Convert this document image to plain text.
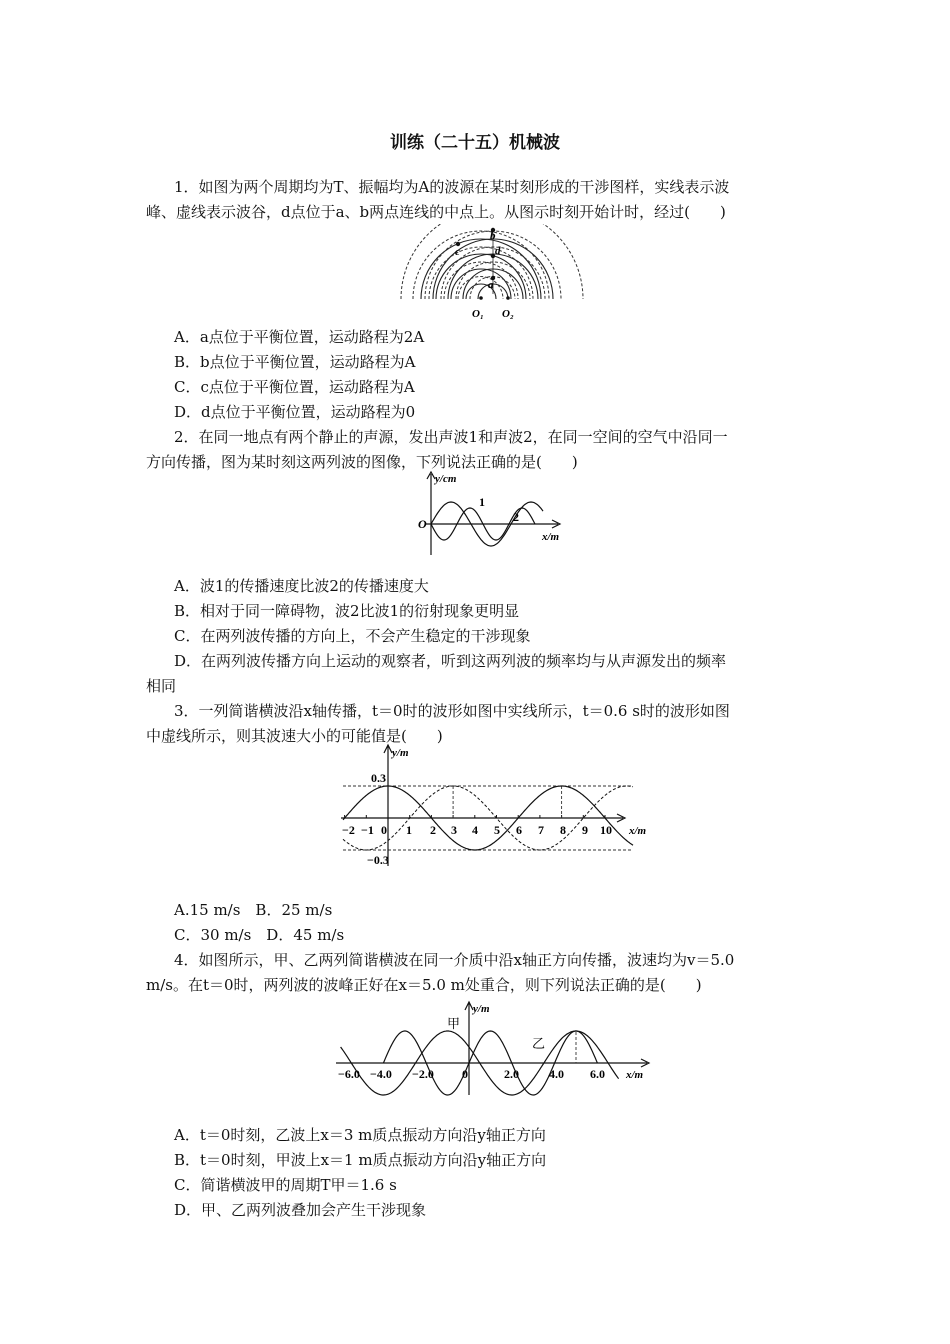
训练（二十五）机械波
1．如图为两个周期均为T、振幅均为A的波源在某时刻形成的干涉图样，实线表示波
峰、虚线表示波谷，d点位于a、b两点连线的中点上。从图示时刻开始计时，经过(　　)
b
c	d
a
O₁ O₂
A．a点位于平衡位置，运动路程为2A
B．b点位于平衡位置，运动路程为A
C．c点位于平衡位置，运动路程为A
D．d点位于平衡位置，运动路程为0
2．在同一地点有两个静止的声源，发出声波1和声波2，在同一空间的空气中沿同一
方向传播，图为某时刻这两列波的图像，下列说法正确的是(　　)
y/cm
O
1
2
x/m
A．波1的传播速度比波2的传播速度大
B．相对于同一障碍物，波2比波1的衍射现象更明显
C．在两列波传播的方向上，不会产生稳定的干涉现象
D．在两列波传播方向上运动的观察者，听到这两列波的频率均与从声源发出的频率
相同
3．一列简谐横波沿x轴传播，t＝0时的波形如图中实线所示，t＝0.6 s时的波形如图
中虚线所示，则其波速大小的可能值是(　　)
y/m
0.3
−0.3
x/m
0
−2 −1	1 2 3 4 5 6 7 8 9 10
A.15 m/s　B．25 m/s
C．30 m/s　D．45 m/s
4．如图所示，甲、乙两列简谐横波在同一介质中沿x轴正方向传播，波速均为v＝5.0
m/s。在t＝0时，两列波的波峰正好在x＝5.0 m处重合，则下列说法正确的是(　　)
y/m
甲
乙
0	x/m
−6.0 −4.0 −2.0	2.0	4.0 6.0
A．t＝0时刻，乙波上x＝3 m质点振动方向沿y轴正方向
B．t＝0时刻，甲波上x＝1 m质点振动方向沿y轴正方向
C．简谐横波甲的周期T甲＝1.6 s
D．甲、乙两列波叠加会产生干涉现象
